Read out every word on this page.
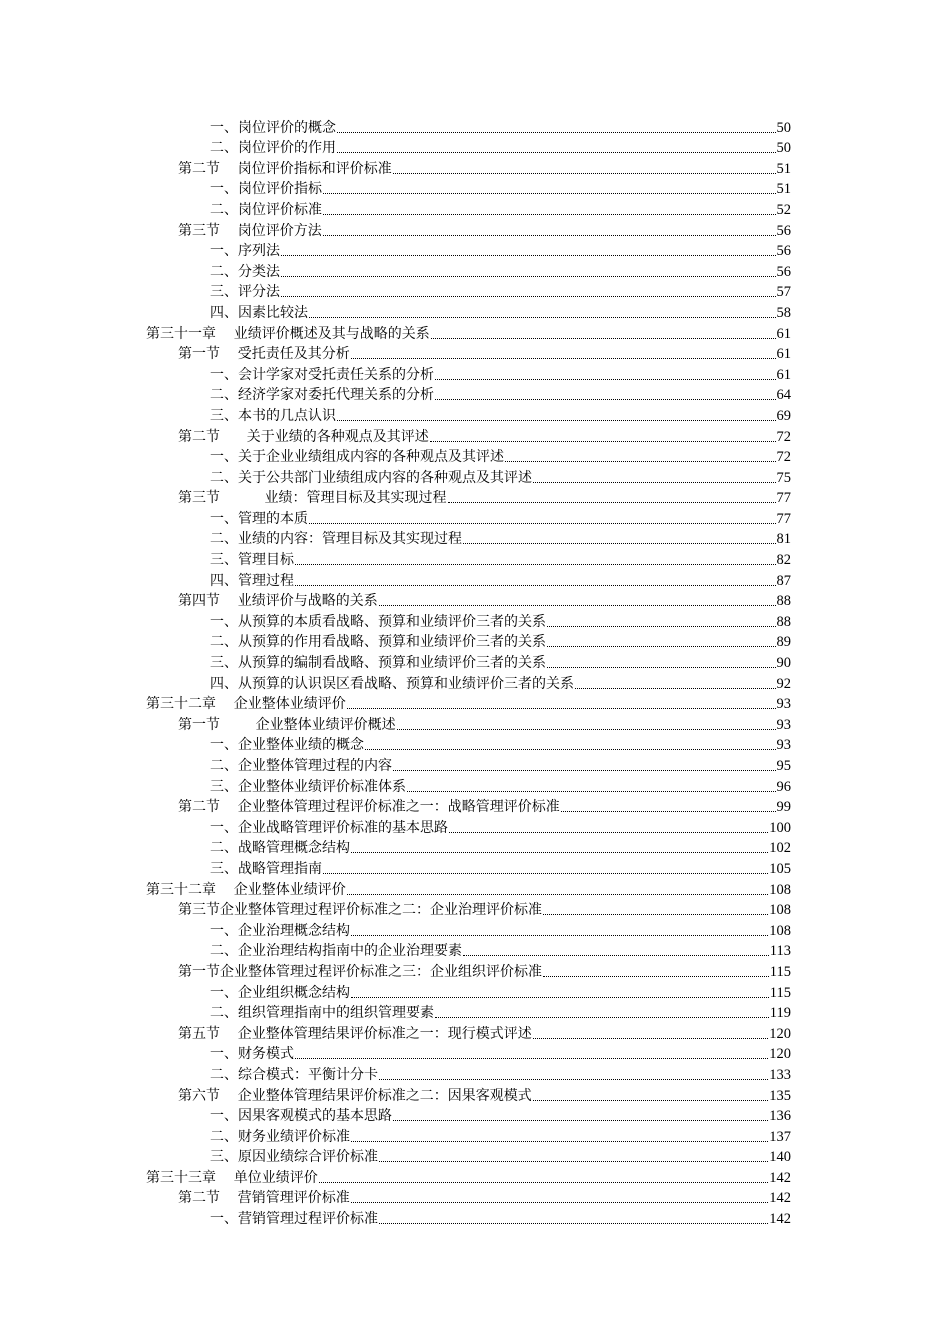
一、岗位评价的概念	50
二、岗位评价的作用	50
第二节    岗位评价指标和评价标准	51
一、岗位评价指标	51
二、岗位评价标准	52
第三节    岗位评价方法	56
一、序列法	56
二、分类法	56
三、评分法	57
四、因素比较法	58
第三十一章    业绩评价概述及其与战略的关系	61
第一节    受托责任及其分析	61
一、会计学家对受托责任关系的分析	61
二、经济学家对委托代理关系的分析	64
三、本书的几点认识	69
第二节      关于业绩的各种观点及其评述	72
一、关于企业业绩组成内容的各种观点及其评述	72
二、关于公共部门业绩组成内容的各种观点及其评述	75
第三节          业绩：管理目标及其实现过程	77
一、管理的本质	77
二、业绩的内容：管理目标及其实现过程	81
三、管理目标	82
四、管理过程	87
第四节    业绩评价与战略的关系	88
一、从预算的本质看战略、预算和业绩评价三者的关系	88
二、从预算的作用看战略、预算和业绩评价三者的关系	89
三、从预算的编制看战略、预算和业绩评价三者的关系	90
四、从预算的认识误区看战略、预算和业绩评价三者的关系	92
第三十二章    企业整体业绩评价	93
第一节        企业整体业绩评价概述	93
一、企业整体业绩的概念	93
二、企业整体管理过程的内容	95
三、企业整体业绩评价标准体系	96
第二节    企业整体管理过程评价标准之一：战略管理评价标准	99
一、企业战略管理评价标准的基本思路	100
二、战略管理概念结构	102
三、战略管理指南	105
第三十二章    企业整体业绩评价	108
第三节企业整体管理过程评价标准之二：企业治理评价标准	108
一、企业治理概念结构	108
二、企业治理结构指南中的企业治理要素	113
第一节企业整体管理过程评价标准之三：企业组织评价标准	115
一、企业组织概念结构	115
二、组织管理指南中的组织管理要素	119
第五节    企业整体管理结果评价标准之一：现行模式评述	120
一、财务模式	120
二、综合模式：平衡计分卡	133
第六节    企业整体管理结果评价标准之二：因果客观模式	135
一、因果客观模式的基本思路	136
二、财务业绩评价标准	137
三、原因业绩综合评价标准	140
第三十三章    单位业绩评价	142
第二节    营销管理评价标准	142
一、营销管理过程评价标准	142
